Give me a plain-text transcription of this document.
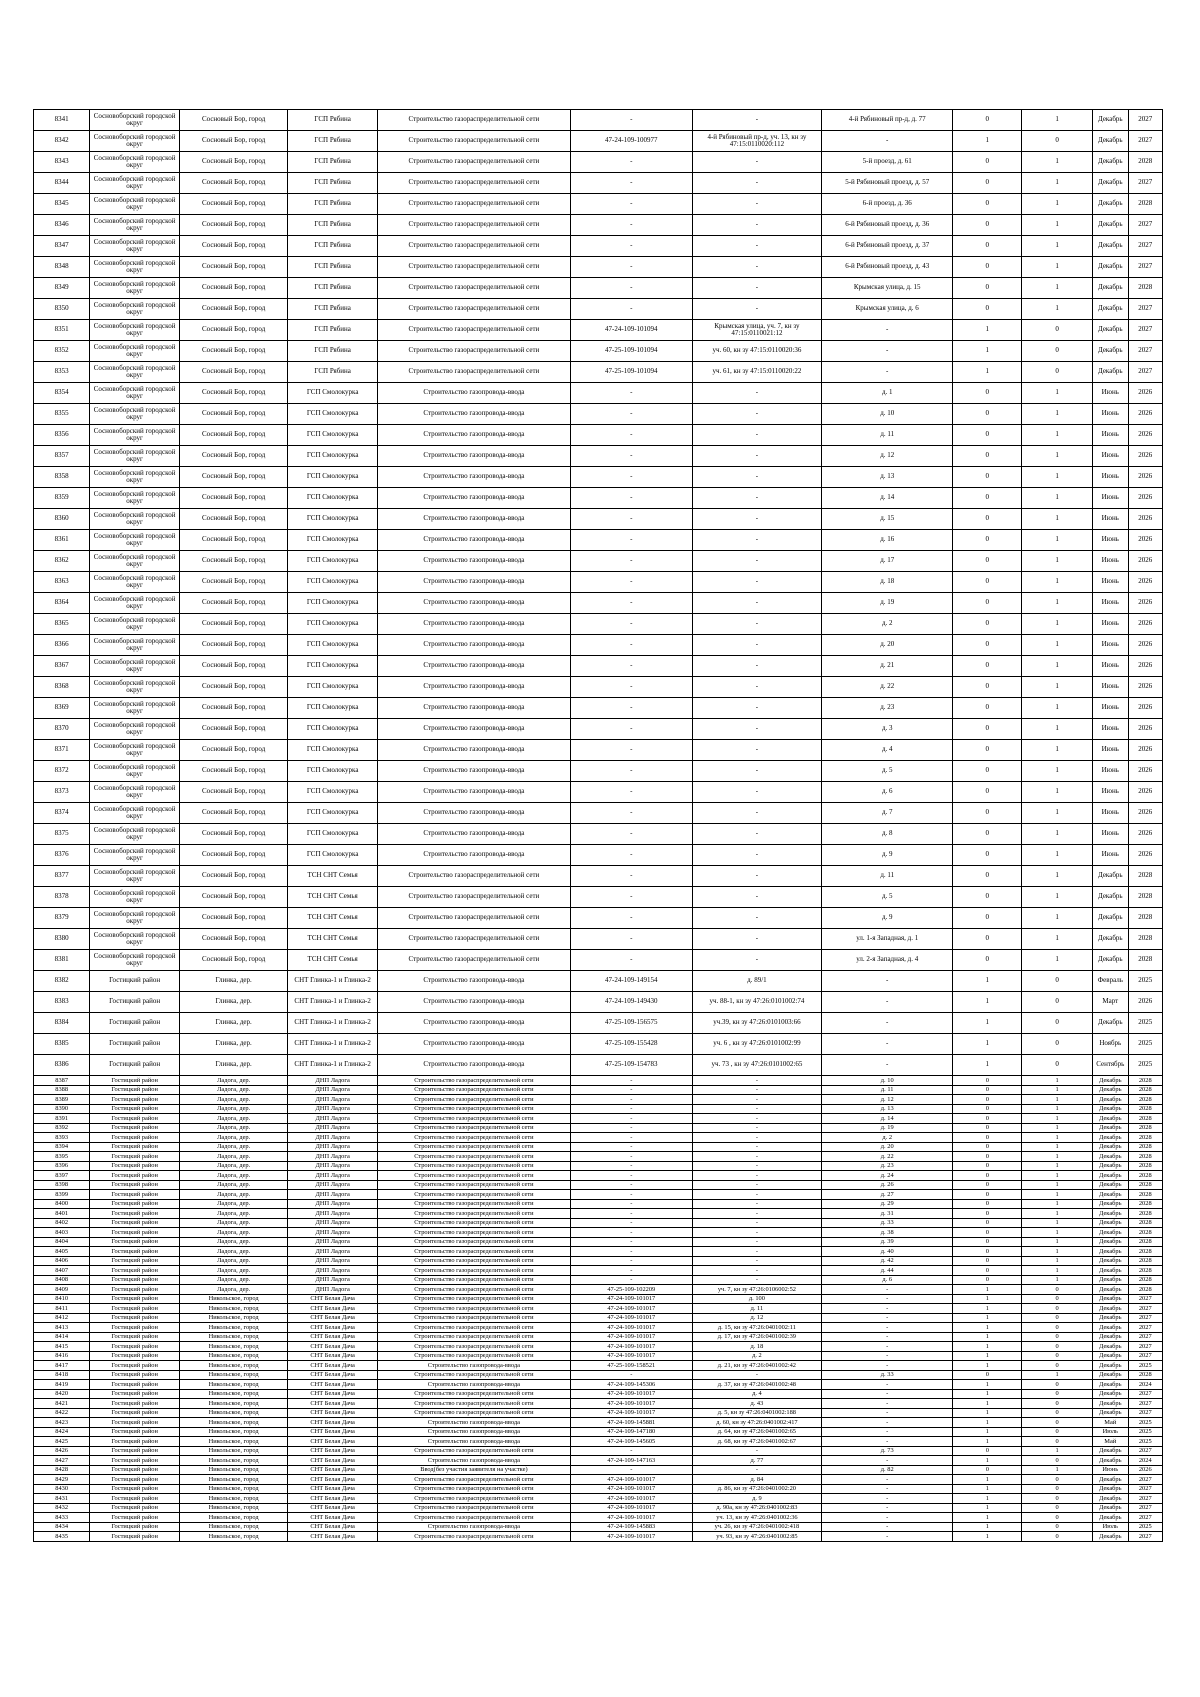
8341	Сосновоборский городской округ	Сосновый Бор, город	ГСП Рябина	Строительство газораспределительной сети	-	-	4-й Рябиновый пр-д, д. 77	0	1	Декабрь	2027
8342	Сосновоборский городской округ	Сосновый Бор, город	ГСП Рябина	Строительство газораспределительной сети	47-24-109-100977	4-й Рябиновый пр-д, уч. 13, кн зу 47:15:0110020:112	-	1	0	Декабрь	2027
8343	Сосновоборский городской округ	Сосновый Бор, город	ГСП Рябина	Строительство газораспределительной сети	-	-	5-й проезд, д. 61	0	1	Декабрь	2028
8344	Сосновоборский городской округ	Сосновый Бор, город	ГСП Рябина	Строительство газораспределительной сети	-	-	5-й Рябиновый проезд, д. 57	0	1	Декабрь	2027
8345	Сосновоборский городской округ	Сосновый Бор, город	ГСП Рябина	Строительство газораспределительной сети	-	-	6-й проезд, д. 36	0	1	Декабрь	2028
8346	Сосновоборский городской округ	Сосновый Бор, город	ГСП Рябина	Строительство газораспределительной сети	-	-	6-й Рябиновый проезд, д. 36	0	1	Декабрь	2027
8347	Сосновоборский городской округ	Сосновый Бор, город	ГСП Рябина	Строительство газораспределительной сети	-	-	6-й Рябиновый проезд, д. 37	0	1	Декабрь	2027
8348	Сосновоборский городской округ	Сосновый Бор, город	ГСП Рябина	Строительство газораспределительной сети	-	-	6-й Рябиновый проезд, д. 43	0	1	Декабрь	2027
8349	Сосновоборский городской округ	Сосновый Бор, город	ГСП Рябина	Строительство газораспределительной сети	-	-	Крымская улица, д. 15	0	1	Декабрь	2028
8350	Сосновоборский городской округ	Сосновый Бор, город	ГСП Рябина	Строительство газораспределительной сети	-	-	Крымская улица, д. 6	0	1	Декабрь	2027
8351	Сосновоборский городской округ	Сосновый Бор, город	ГСП Рябина	Строительство газораспределительной сети	47-24-109-101094	Крымская улица, уч. 7, кн зу 47:15:0110021:12	-	1	0	Декабрь	2027
8352	Сосновоборский городской округ	Сосновый Бор, город	ГСП Рябина	Строительство газораспределительной сети	47-25-109-101094	уч. 60, кн зу 47:15:0110020:36	-	1	0	Декабрь	2027
8353	Сосновоборский городской округ	Сосновый Бор, город	ГСП Рябина	Строительство газораспределительной сети	47-25-109-101094	уч. 61, кн зу 47:15:0110020:22	-	1	0	Декабрь	2027
8354	Сосновоборский городской округ	Сосновый Бор, город	ГСП Смолокурка	Строительство газопровода-ввода	-	-	д. 1	0	1	Июнь	2026
8355	Сосновоборский городской округ	Сосновый Бор, город	ГСП Смолокурка	Строительство газопровода-ввода	-	-	д. 10	0	1	Июнь	2026
8356	Сосновоборский городской округ	Сосновый Бор, город	ГСП Смолокурка	Строительство газопровода-ввода	-	-	д. 11	0	1	Июнь	2026
8357	Сосновоборский городской округ	Сосновый Бор, город	ГСП Смолокурка	Строительство газопровода-ввода	-	-	д. 12	0	1	Июнь	2026
8358	Сосновоборский городской округ	Сосновый Бор, город	ГСП Смолокурка	Строительство газопровода-ввода	-	-	д. 13	0	1	Июнь	2026
8359	Сосновоборский городской округ	Сосновый Бор, город	ГСП Смолокурка	Строительство газопровода-ввода	-	-	д. 14	0	1	Июнь	2026
8360	Сосновоборский городской округ	Сосновый Бор, город	ГСП Смолокурка	Строительство газопровода-ввода	-	-	д. 15	0	1	Июнь	2026
8361	Сосновоборский городской округ	Сосновый Бор, город	ГСП Смолокурка	Строительство газопровода-ввода	-	-	д. 16	0	1	Июнь	2026
8362	Сосновоборский городской округ	Сосновый Бор, город	ГСП Смолокурка	Строительство газопровода-ввода	-	-	д. 17	0	1	Июнь	2026
8363	Сосновоборский городской округ	Сосновый Бор, город	ГСП Смолокурка	Строительство газопровода-ввода	-	-	д. 18	0	1	Июнь	2026
8364	Сосновоборский городской округ	Сосновый Бор, город	ГСП Смолокурка	Строительство газопровода-ввода	-	-	д. 19	0	1	Июнь	2026
8365	Сосновоборский городской округ	Сосновый Бор, город	ГСП Смолокурка	Строительство газопровода-ввода	-	-	д. 2	0	1	Июнь	2026
8366	Сосновоборский городской округ	Сосновый Бор, город	ГСП Смолокурка	Строительство газопровода-ввода	-	-	д. 20	0	1	Июнь	2026
8367	Сосновоборский городской округ	Сосновый Бор, город	ГСП Смолокурка	Строительство газопровода-ввода	-	-	д. 21	0	1	Июнь	2026
8368	Сосновоборский городской округ	Сосновый Бор, город	ГСП Смолокурка	Строительство газопровода-ввода	-	-	д. 22	0	1	Июнь	2026
8369	Сосновоборский городской округ	Сосновый Бор, город	ГСП Смолокурка	Строительство газопровода-ввода	-	-	д. 23	0	1	Июнь	2026
8370	Сосновоборский городской округ	Сосновый Бор, город	ГСП Смолокурка	Строительство газопровода-ввода	-	-	д. 3	0	1	Июнь	2026
8371	Сосновоборский городской округ	Сосновый Бор, город	ГСП Смолокурка	Строительство газопровода-ввода	-	-	д. 4	0	1	Июнь	2026
8372	Сосновоборский городской округ	Сосновый Бор, город	ГСП Смолокурка	Строительство газопровода-ввода	-	-	д. 5	0	1	Июнь	2026
8373	Сосновоборский городской округ	Сосновый Бор, город	ГСП Смолокурка	Строительство газопровода-ввода	-	-	д. 6	0	1	Июнь	2026
8374	Сосновоборский городской округ	Сосновый Бор, город	ГСП Смолокурка	Строительство газопровода-ввода	-	-	д. 7	0	1	Июнь	2026
8375	Сосновоборский городской округ	Сосновый Бор, город	ГСП Смолокурка	Строительство газопровода-ввода	-	-	д. 8	0	1	Июнь	2026
8376	Сосновоборский городской округ	Сосновый Бор, город	ГСП Смолокурка	Строительство газопровода-ввода	-	-	д. 9	0	1	Июнь	2026
8377	Сосновоборский городской округ	Сосновый Бор, город	ТСН СНТ Семья	Строительство газораспределительной сети	-	-	д. 11	0	1	Декабрь	2028
8378	Сосновоборский городской округ	Сосновый Бор, город	ТСН СНТ Семья	Строительство газораспределительной сети	-	-	д. 5	0	1	Декабрь	2028
8379	Сосновоборский городской округ	Сосновый Бор, город	ТСН СНТ Семья	Строительство газораспределительной сети	-	-	д. 9	0	1	Декабрь	2028
8380	Сосновоборский городской округ	Сосновый Бор, город	ТСН СНТ Семья	Строительство газораспределительной сети	-	-	ул. 1-я Западная, д. 1	0	1	Декабрь	2028
8381	Сосновоборский городской округ	Сосновый Бор, город	ТСН СНТ Семья	Строительство газораспределительной сети	-	-	ул. 2-я Западная, д. 4	0	1	Декабрь	2028
8382	Гостицкий район	Глинка, дер.	СНТ Глинка-1 и Глинка-2	Строительство газопровода-ввода	47-24-109-149154	д. 89/1	-	1	0	Февраль	2025
8383	Гостицкий район	Глинка, дер.	СНТ Глинка-1 и Глинка-2	Строительство газопровода-ввода	47-24-109-149430	уч. 88-1, кн зу 47:26:0101002:74	-	1	0	Март	2026
8384	Гостицкий район	Глинка, дер.	СНТ Глинка-1 и Глинка-2	Строительство газопровода-ввода	47-25-109-156575	уч.39, кн зу 47:26:0101003:66	-	1	0	Декабрь	2025
8385	Гостицкий район	Глинка, дер.	СНТ Глинка-1 и Глинка-2	Строительство газопровода-ввода	47-25-109-155428	уч. 6 , кн зу 47:26:0101002:99	-	1	0	Ноябрь	2025
8386	Гостицкий район	Глинка, дер.	СНТ Глинка-1 и Глинка-2	Строительство газопровода-ввода	47-25-109-154783	уч. 73 , кн зу 47:26:0101002:65	-	1	0	Сентябрь	2025
8387	Гостицкий район	Ладога, дер.	ДНП Ладога	Строительство газораспределительной сети	-	-	д. 10	0	1	Декабрь	2028
8388	Гостицкий район	Ладога, дер.	ДНП Ладога	Строительство газораспределительной сети	-	-	д. 11	0	1	Декабрь	2028
8389	Гостицкий район	Ладога, дер.	ДНП Ладога	Строительство газораспределительной сети	-	-	д. 12	0	1	Декабрь	2028
8390	Гостицкий район	Ладога, дер.	ДНП Ладога	Строительство газораспределительной сети	-	-	д. 13	0	1	Декабрь	2028
8391	Гостицкий район	Ладога, дер.	ДНП Ладога	Строительство газораспределительной сети	-	-	д. 14	0	1	Декабрь	2028
8392	Гостицкий район	Ладога, дер.	ДНП Ладога	Строительство газораспределительной сети	-	-	д. 19	0	1	Декабрь	2028
8393	Гостицкий район	Ладога, дер.	ДНП Ладога	Строительство газораспределительной сети	-	-	д. 2	0	1	Декабрь	2028
8394	Гостицкий район	Ладога, дер.	ДНП Ладога	Строительство газораспределительной сети	-	-	д. 20	0	1	Декабрь	2028
8395	Гостицкий район	Ладога, дер.	ДНП Ладога	Строительство газораспределительной сети	-	-	д. 22	0	1	Декабрь	2028
8396	Гостицкий район	Ладога, дер.	ДНП Ладога	Строительство газораспределительной сети	-	-	д. 23	0	1	Декабрь	2028
8397	Гостицкий район	Ладога, дер.	ДНП Ладога	Строительство газораспределительной сети	-	-	д. 24	0	1	Декабрь	2028
8398	Гостицкий район	Ладога, дер.	ДНП Ладога	Строительство газораспределительной сети	-	-	д. 26	0	1	Декабрь	2028
8399	Гостицкий район	Ладога, дер.	ДНП Ладога	Строительство газораспределительной сети	-	-	д. 27	0	1	Декабрь	2028
8400	Гостицкий район	Ладога, дер.	ДНП Ладога	Строительство газораспределительной сети	-	-	д. 29	0	1	Декабрь	2028
8401	Гостицкий район	Ладога, дер.	ДНП Ладога	Строительство газораспределительной сети	-	-	д. 31	0	1	Декабрь	2028
8402	Гостицкий район	Ладога, дер.	ДНП Ладога	Строительство газораспределительной сети	-	-	д. 33	0	1	Декабрь	2028
8403	Гостицкий район	Ладога, дер.	ДНП Ладога	Строительство газораспределительной сети	-	-	д. 38	0	1	Декабрь	2028
8404	Гостицкий район	Ладога, дер.	ДНП Ладога	Строительство газораспределительной сети	-	-	д. 39	0	1	Декабрь	2028
8405	Гостицкий район	Ладога, дер.	ДНП Ладога	Строительство газораспределительной сети	-	-	д. 40	0	1	Декабрь	2028
8406	Гостицкий район	Ладога, дер.	ДНП Ладога	Строительство газораспределительной сети	-	-	д. 42	0	1	Декабрь	2028
8407	Гостицкий район	Ладога, дер.	ДНП Ладога	Строительство газораспределительной сети	-	-	д. 44	0	1	Декабрь	2028
8408	Гостицкий район	Ладога, дер.	ДНП Ладога	Строительство газораспределительной сети	-	-	д. 6	0	1	Декабрь	2028
8409	Гостицкий район	Ладога, дер.	ДНП Ладога	Строительство газораспределительной сети	47-25-109-102209	уч. 7, кн зу 47:26:0106002:52	-	1	0	Декабрь	2028
8410	Гостицкий район	Никольское, город	СНТ Белая Дача	Строительство газораспределительной сети	47-24-109-101017	д. 100	-	1	0	Декабрь	2027
8411	Гостицкий район	Никольское, город	СНТ Белая Дача	Строительство газораспределительной сети	47-24-109-101017	д. 11	-	1	0	Декабрь	2027
8412	Гостицкий район	Никольское, город	СНТ Белая Дача	Строительство газораспределительной сети	47-24-109-101017	д. 12	-	1	0	Декабрь	2027
8413	Гостицкий район	Никольское, город	СНТ Белая Дача	Строительство газораспределительной сети	47-24-109-101017	д. 15, кн зу 47:26:0401002:11	-	1	0	Декабрь	2027
8414	Гостицкий район	Никольское, город	СНТ Белая Дача	Строительство газораспределительной сети	47-24-109-101017	д. 17, кн зу 47:26:0401002:39	-	1	0	Декабрь	2027
8415	Гостицкий район	Никольское, город	СНТ Белая Дача	Строительство газораспределительной сети	47-24-109-101017	д. 18	-	1	0	Декабрь	2027
8416	Гостицкий район	Никольское, город	СНТ Белая Дача	Строительство газораспределительной сети	47-24-109-101017	д. 2	-	1	0	Декабрь	2027
8417	Гостицкий район	Никольское, город	СНТ Белая Дача	Строительство газопровода-ввода	47-25-109-158521	д. 21, кн зу 47:26:0401002:42	-	1	0	Декабрь	2025
8418	Гостицкий район	Никольское, город	СНТ Белая Дача	Строительство газораспределительной сети	-	-	д. 33	0	1	Декабрь	2028
8419	Гостицкий район	Никольское, город	СНТ Белая Дача	Строительство газопровода-ввода	47-24-109-145306	д. 37, кн зу 47:26:0401002:48	-	1	0	Декабрь	2024
8420	Гостицкий район	Никольское, город	СНТ Белая Дача	Строительство газораспределительной сети	47-24-109-101017	д. 4	-	1	0	Декабрь	2027
8421	Гостицкий район	Никольское, город	СНТ Белая Дача	Строительство газораспределительной сети	47-24-109-101017	д. 43	-	1	0	Декабрь	2027
8422	Гостицкий район	Никольское, город	СНТ Белая Дача	Строительство газораспределительной сети	47-24-109-101017	д. 5, кн зу 47:26:0401002:188	-	1	0	Декабрь	2027
8423	Гостицкий район	Никольское, город	СНТ Белая Дача	Строительство газопровода-ввода	47-24-109-145881	д. 60, кн зу 47:26:0401002:417	-	1	0	Май	2025
8424	Гостицкий район	Никольское, город	СНТ Белая Дача	Строительство газопровода-ввода	47-24-109-147180	д. 64, кн зу 47:26:0401002:65	-	1	0	Июль	2025
8425	Гостицкий район	Никольское, город	СНТ Белая Дача	Строительство газопровода-ввода	47-24-109-145605	д. 68, кн зу 47:26:0401002:67	-	1	0	Май	2025
8426	Гостицкий район	Никольское, город	СНТ Белая Дача	Строительство газораспределительной сети	-	-	д. 73	0	1	Декабрь	2027
8427	Гостицкий район	Никольское, город	СНТ Белая Дача	Строительство газопровода-ввода	47-24-109-147163	д. 77	-	1	0	Декабрь	2024
8428	Гостицкий район	Никольское, город	СНТ Белая Дача	Ввод(без участия заявителя на участке)	-	-	д. 82	0	1	Июнь	2026
8429	Гостицкий район	Никольское, город	СНТ Белая Дача	Строительство газораспределительной сети	47-24-109-101017	д. 84	-	1	0	Декабрь	2027
8430	Гостицкий район	Никольское, город	СНТ Белая Дача	Строительство газораспределительной сети	47-24-109-101017	д. 86, кн зу 47:26:0401002:20	-	1	0	Декабрь	2027
8431	Гостицкий район	Никольское, город	СНТ Белая Дача	Строительство газораспределительной сети	47-24-109-101017	д. 9	-	1	0	Декабрь	2027
8432	Гостицкий район	Никольское, город	СНТ Белая Дача	Строительство газораспределительной сети	47-24-109-101017	д. 90а, кн зу 47:26:0401002:83	-	1	0	Декабрь	2027
8433	Гостицкий район	Никольское, город	СНТ Белая Дача	Строительство газораспределительной сети	47-24-109-101017	уч. 13, кн зу 47:26:0401002:36	-	1	0	Декабрь	2027
8434	Гостицкий район	Никольское, город	СНТ Белая Дача	Строительство газопровода-ввода	47-24-109-145883	уч. 26, кн зу 47:26:0401002:418	-	1	0	Июль	2025
8435	Гостицкий район	Никольское, город	СНТ Белая Дача	Строительство газораспределительной сети	47-24-109-101017	уч. 93, кн зу 47:26:0401002:85	-	1	0	Декабрь	2027
